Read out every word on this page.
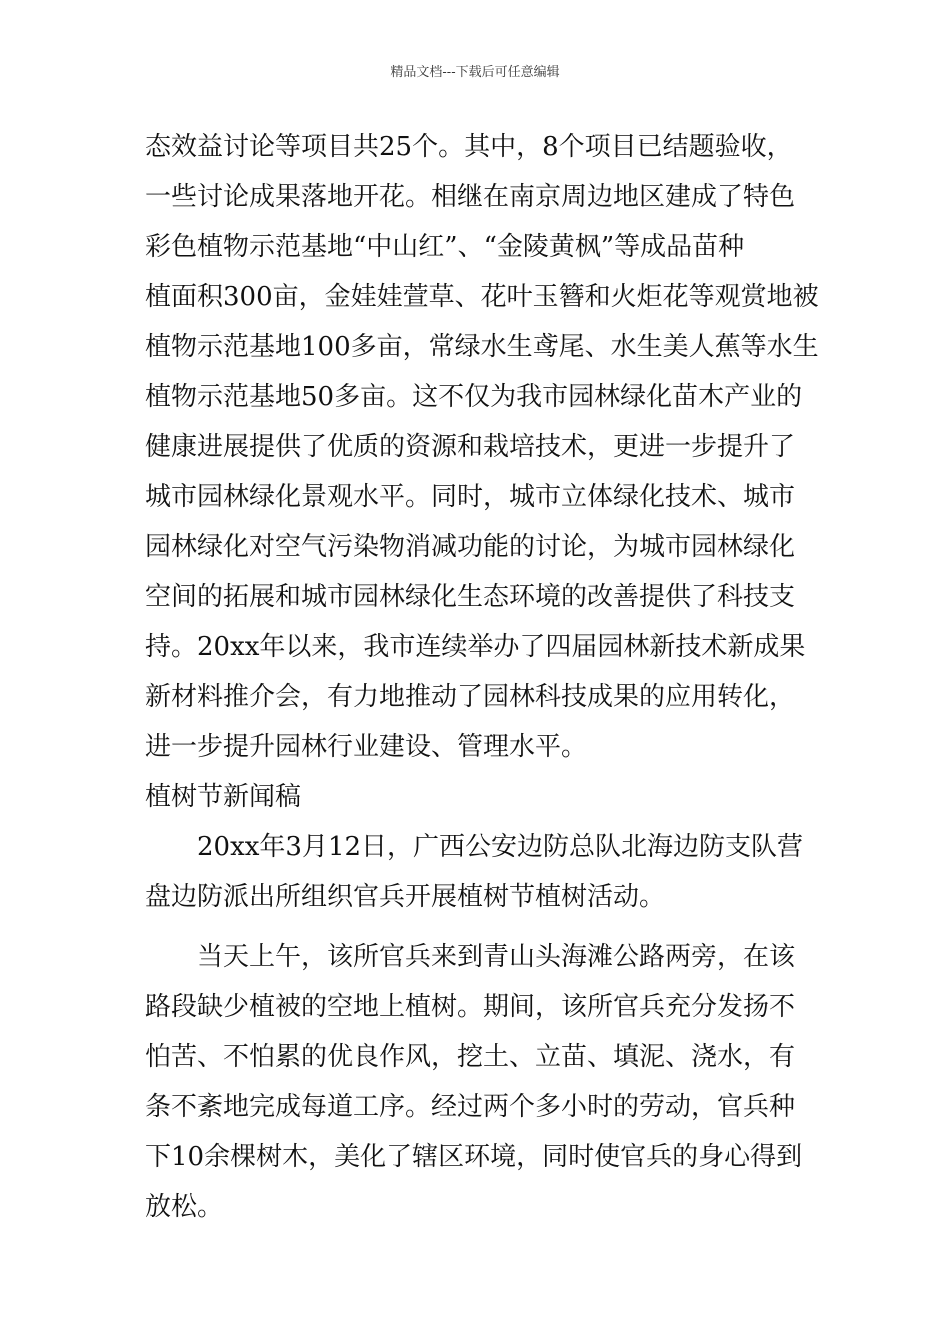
精品文档---下载后可任意编辑
态效益讨论等项目共25个。其中，8个项目已结题验收，
一些讨论成果落地开花。相继在南京周边地区建成了特色
彩色植物示范基地“中山红”、“金陵黄枫”等成品苗种
植面积300亩，金娃娃萱草、花叶玉簪和火炬花等观赏地被
植物示范基地100多亩，常绿水生鸢尾、水生美人蕉等水生
植物示范基地50多亩。这不仅为我市园林绿化苗木产业的
健康进展提供了优质的资源和栽培技术，更进一步提升了
城市园林绿化景观水平。同时，城市立体绿化技术、城市
园林绿化对空气污染物消减功能的讨论，为城市园林绿化
空间的拓展和城市园林绿化生态环境的改善提供了科技支
持。20xx年以来，我市连续举办了四届园林新技术新成果
新材料推介会，有力地推动了园林科技成果的应用转化，
进一步提升园林行业建设、管理水平。
植树节新闻稿
　　20xx年3月12日，广西公安边防总队北海边防支队营
盘边防派出所组织官兵开展植树节植树活动。
　　当天上午，该所官兵来到青山头海滩公路两旁，在该
路段缺少植被的空地上植树。期间，该所官兵充分发扬不
怕苦、不怕累的优良作风，挖土、立苗、填泥、浇水，有
条不紊地完成每道工序。经过两个多小时的劳动，官兵种
下10余棵树木，美化了辖区环境，同时使官兵的身心得到
放松。
